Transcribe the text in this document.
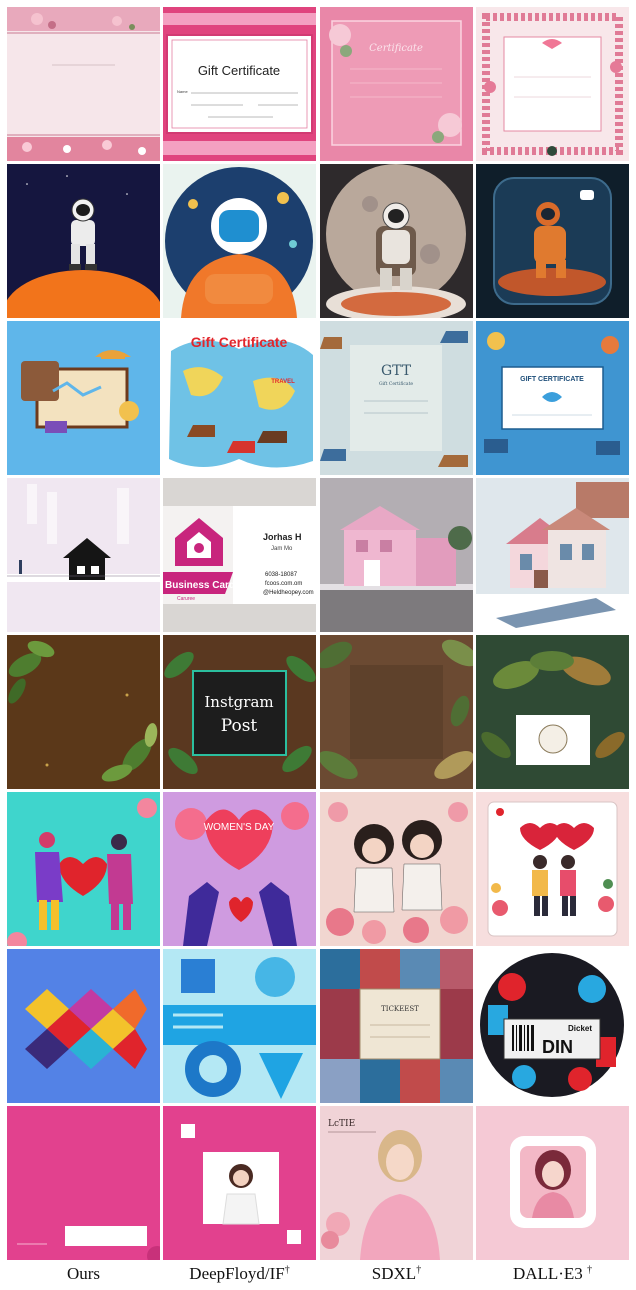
Gift Certificate
Name
Certificate
Gift Certificate
TRAVEL
GTT
Gift Certificate
GIFT CERTIFICATE
Business Card
Caruree
Jorhas H
Jam Mo
6038-18087
fcoos.com.om
@Heldheopey.com
Instgram
Post
WOMEN'S DAY
TICKEEST
Dicket
DIN
LcTIE
Ours	DeepFloyd/IF†	SDXL†	DALL·E3 †
